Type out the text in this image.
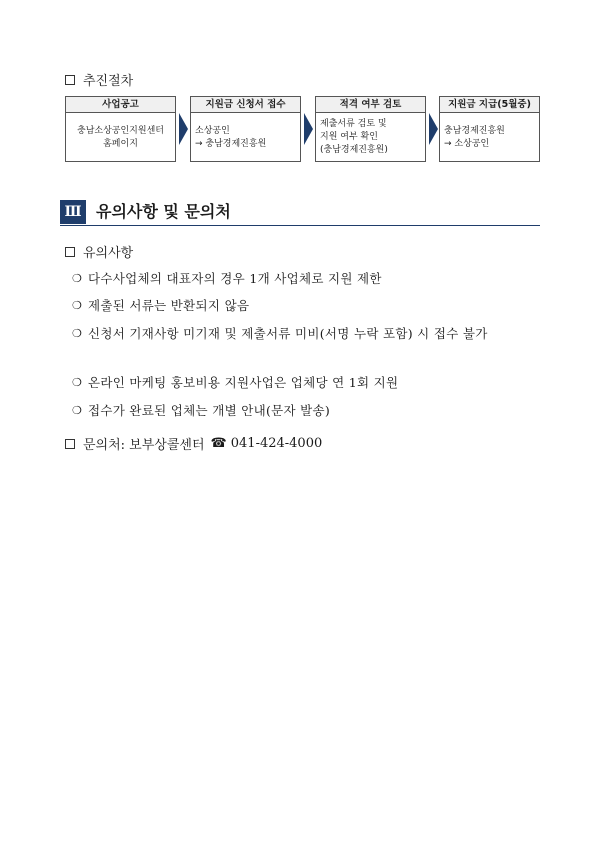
추진절차
사업공고
충남소상공인지원센터
홈페이지
지원금 신청서 접수
소상공인
→ 충남경제진흥원
적격 여부 검토
제출서류 검토 및
지원 여부 확인
(충남경제진흥원)
지원금 지급(5월중)
충남경제진흥원
→ 소상공인
Ⅲ 유의사항 및 문의처
유의사항
❍ 다수사업체의 대표자의 경우 1개 사업체로 지원 제한
❍ 제출된 서류는 반환되지 않음
❍ 신청서 기재사항 미기재 및 제출서류 미비(서명 누락 포함) 시 접수 불가
❍ 온라인 마케팅 홍보비용 지원사업은 업체당 연 1회 지원
❍ 접수가 완료된 업체는 개별 안내(문자 발송)
문의처: 보부상콜센터 ☎ 041-424-4000
